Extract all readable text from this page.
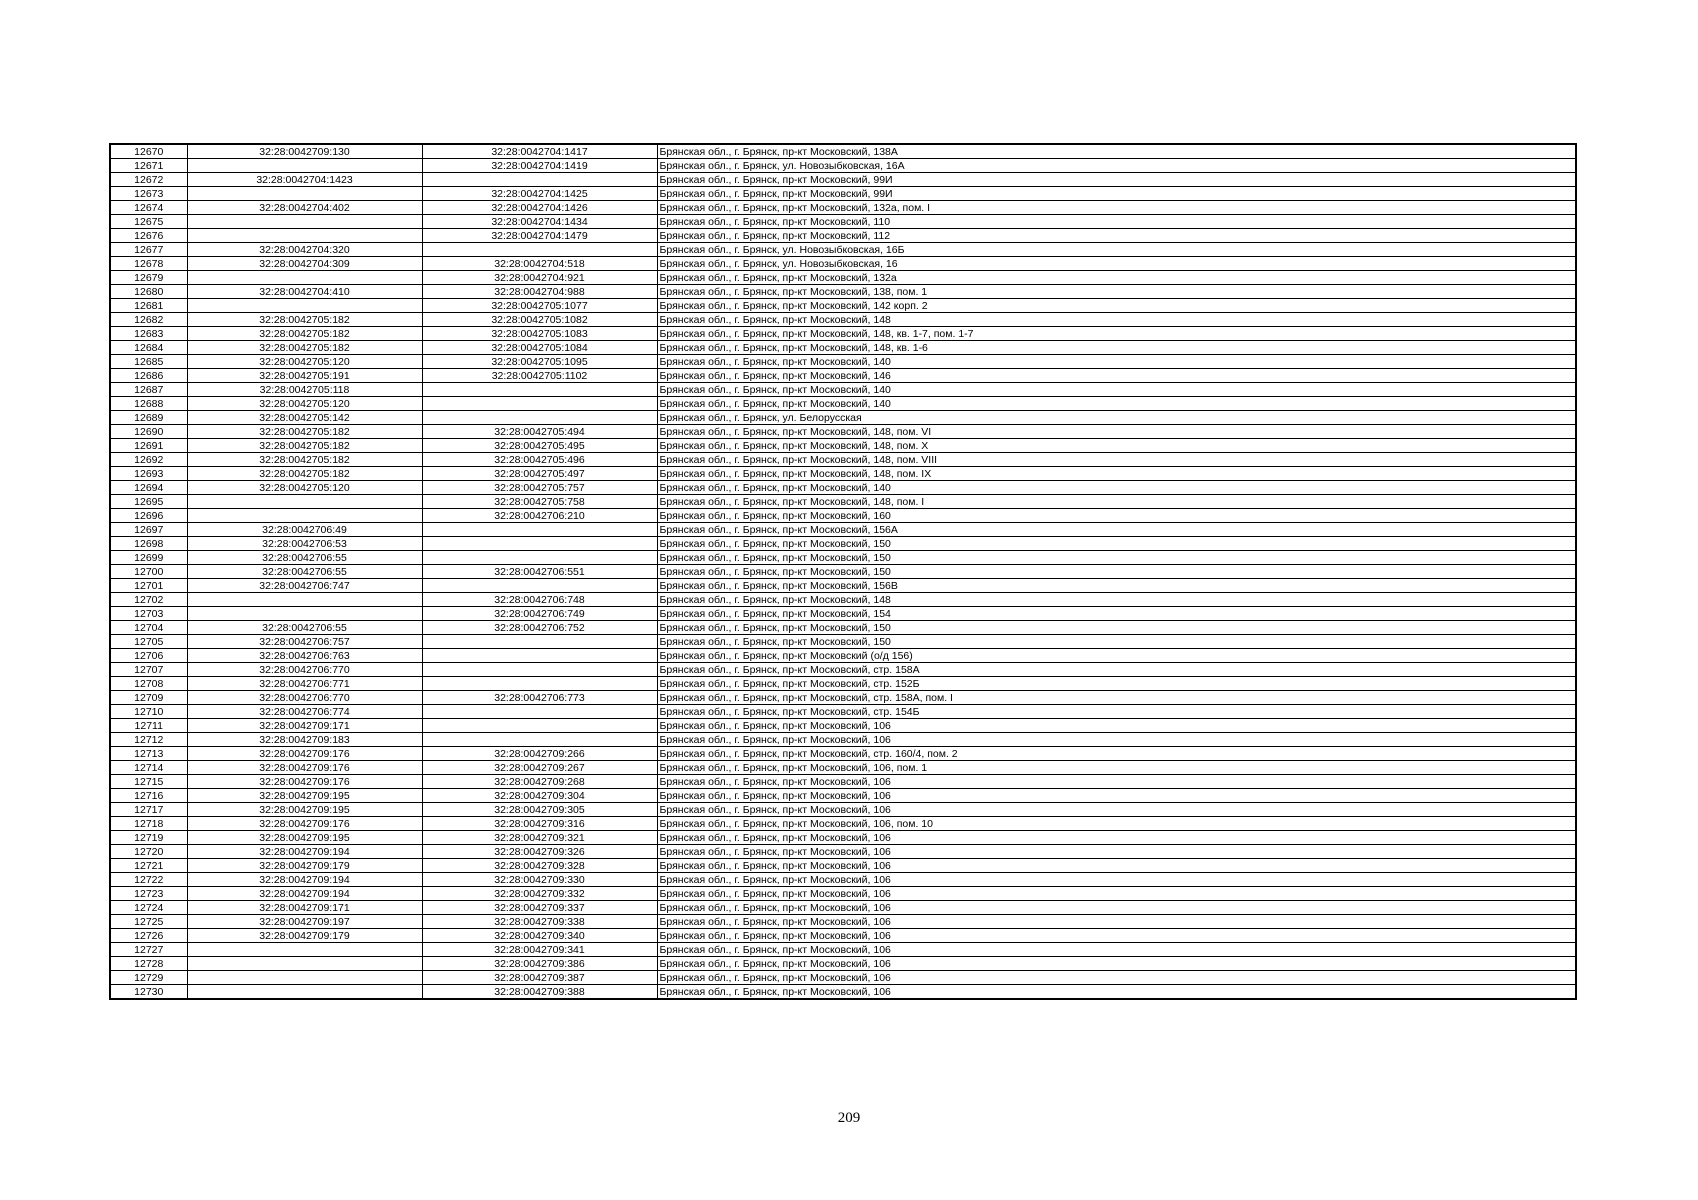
12670	32:28:0042709:130	32:28:0042704:1417	Брянская обл., г. Брянск, пр-кт Московский, 138А
12671		32:28:0042704:1419	Брянская обл., г. Брянск, ул. Новозыбковская, 16А
12672	32:28:0042704:1423		Брянская обл., г. Брянск, пр-кт Московский, 99И
12673		32:28:0042704:1425	Брянская обл., г. Брянск, пр-кт Московский, 99И
12674	32:28:0042704:402	32:28:0042704:1426	Брянская обл., г. Брянск, пр-кт Московский, 132а, пом. I
12675		32:28:0042704:1434	Брянская обл., г. Брянск, пр-кт Московский, 110
12676		32:28:0042704:1479	Брянская обл., г. Брянск, пр-кт Московский, 112
12677	32:28:0042704:320		Брянская обл., г. Брянск, ул. Новозыбковская, 16Б
12678	32:28:0042704:309	32:28:0042704:518	Брянская обл., г. Брянск, ул. Новозыбковская, 16
12679		32:28:0042704:921	Брянская обл., г. Брянск, пр-кт Московский, 132а
12680	32:28:0042704:410	32:28:0042704:988	Брянская обл., г. Брянск, пр-кт Московский, 138, пом. 1
12681		32:28:0042705:1077	Брянская обл., г. Брянск, пр-кт Московский, 142 корп. 2
12682	32:28:0042705:182	32:28:0042705:1082	Брянская обл., г. Брянск, пр-кт Московский, 148
12683	32:28:0042705:182	32:28:0042705:1083	Брянская обл., г. Брянск, пр-кт Московский, 148, кв. 1-7, пом. 1-7
12684	32:28:0042705:182	32:28:0042705:1084	Брянская обл., г. Брянск, пр-кт Московский, 148, кв. 1-6
12685	32:28:0042705:120	32:28:0042705:1095	Брянская обл., г. Брянск, пр-кт Московский, 140
12686	32:28:0042705:191	32:28:0042705:1102	Брянская обл., г. Брянск, пр-кт Московский, 146
12687	32:28:0042705:118		Брянская обл., г. Брянск, пр-кт Московский, 140
12688	32:28:0042705:120		Брянская обл., г. Брянск, пр-кт Московский, 140
12689	32:28:0042705:142		Брянская обл., г. Брянск, ул. Белорусская
12690	32:28:0042705:182	32:28:0042705:494	Брянская обл., г. Брянск, пр-кт Московский, 148, пом. VI
12691	32:28:0042705:182	32:28:0042705:495	Брянская обл., г. Брянск, пр-кт Московский, 148, пом. X
12692	32:28:0042705:182	32:28:0042705:496	Брянская обл., г. Брянск, пр-кт Московский, 148, пом. VIII
12693	32:28:0042705:182	32:28:0042705:497	Брянская обл., г. Брянск, пр-кт Московский, 148, пом. IX
12694	32:28:0042705:120	32:28:0042705:757	Брянская обл., г. Брянск, пр-кт Московский, 140
12695		32:28:0042705:758	Брянская обл., г. Брянск, пр-кт Московский, 148, пом. I
12696		32:28:0042706:210	Брянская обл., г. Брянск, пр-кт Московский, 160
12697	32:28:0042706:49		Брянская обл., г. Брянск, пр-кт Московский, 156А
12698	32:28:0042706:53		Брянская обл., г. Брянск, пр-кт Московский, 150
12699	32:28:0042706:55		Брянская обл., г. Брянск, пр-кт Московский, 150
12700	32:28:0042706:55	32:28:0042706:551	Брянская обл., г. Брянск, пр-кт Московский, 150
12701	32:28:0042706:747		Брянская обл., г. Брянск, пр-кт Московский, 156В
12702		32:28:0042706:748	Брянская обл., г. Брянск, пр-кт Московский, 148
12703		32:28:0042706:749	Брянская обл., г. Брянск, пр-кт Московский, 154
12704	32:28:0042706:55	32:28:0042706:752	Брянская обл., г. Брянск, пр-кт Московский, 150
12705	32:28:0042706:757		Брянская обл., г. Брянск, пр-кт Московский, 150
12706	32:28:0042706:763		Брянская обл., г. Брянск, пр-кт Московский (о/д 156)
12707	32:28:0042706:770		Брянская обл., г. Брянск, пр-кт Московский, стр. 158А
12708	32:28:0042706:771		Брянская обл., г. Брянск, пр-кт Московский, стр. 152Б
12709	32:28:0042706:770	32:28:0042706:773	Брянская обл., г. Брянск, пр-кт Московский, стр. 158А, пом. I
12710	32:28:0042706:774		Брянская обл., г. Брянск, пр-кт Московский, стр. 154Б
12711	32:28:0042709:171		Брянская обл., г. Брянск, пр-кт Московский, 106
12712	32:28:0042709:183		Брянская обл., г. Брянск, пр-кт Московский, 106
12713	32:28:0042709:176	32:28:0042709:266	Брянская обл., г. Брянск, пр-кт Московский, стр. 160/4, пом. 2
12714	32:28:0042709:176	32:28:0042709:267	Брянская обл., г. Брянск, пр-кт Московский, 106, пом. 1
12715	32:28:0042709:176	32:28:0042709:268	Брянская обл., г. Брянск, пр-кт Московский, 106
12716	32:28:0042709:195	32:28:0042709:304	Брянская обл., г. Брянск, пр-кт Московский, 106
12717	32:28:0042709:195	32:28:0042709:305	Брянская обл., г. Брянск, пр-кт Московский, 106
12718	32:28:0042709:176	32:28:0042709:316	Брянская обл., г. Брянск, пр-кт Московский, 106, пом. 10
12719	32:28:0042709:195	32:28:0042709:321	Брянская обл., г. Брянск, пр-кт Московский, 106
12720	32:28:0042709:194	32:28:0042709:326	Брянская обл., г. Брянск, пр-кт Московский, 106
12721	32:28:0042709:179	32:28:0042709:328	Брянская обл., г. Брянск, пр-кт Московский, 106
12722	32:28:0042709:194	32:28:0042709:330	Брянская обл., г. Брянск, пр-кт Московский, 106
12723	32:28:0042709:194	32:28:0042709:332	Брянская обл., г. Брянск, пр-кт Московский, 106
12724	32:28:0042709:171	32:28:0042709:337	Брянская обл., г. Брянск, пр-кт Московский, 106
12725	32:28:0042709:197	32:28:0042709:338	Брянская обл., г. Брянск, пр-кт Московский, 106
12726	32:28:0042709:179	32:28:0042709:340	Брянская обл., г. Брянск, пр-кт Московский, 106
12727		32:28:0042709:341	Брянская обл., г. Брянск, пр-кт Московский, 106
12728		32:28:0042709:386	Брянская обл., г. Брянск, пр-кт Московский, 106
12729		32:28:0042709:387	Брянская обл., г. Брянск, пр-кт Московский, 106
12730		32:28:0042709:388	Брянская обл., г. Брянск, пр-кт Московский, 106
209
